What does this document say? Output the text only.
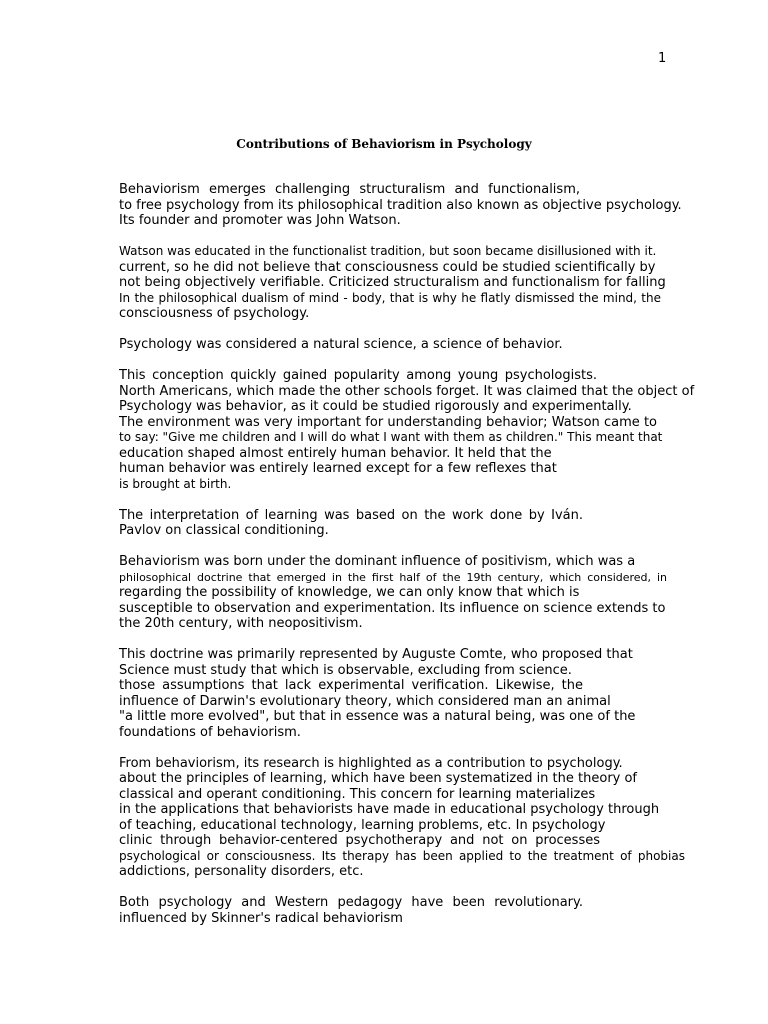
1
Contributions of Behaviorism in Psychology
Behaviorism emerges challenging structuralism and functionalism,
to free psychology from its philosophical tradition also known as objective psychology.
Its founder and promoter was John Watson.
Watson was educated in the functionalist tradition, but soon became disillusioned with it.
current, so he did not believe that consciousness could be studied scientifically by
not being objectively verifiable. Criticized structuralism and functionalism for falling
In the philosophical dualism of mind - body, that is why he flatly dismissed the mind, the
consciousness of psychology.
Psychology was considered a natural science, a science of behavior.
This conception quickly gained popularity among young psychologists.
North Americans, which made the other schools forget. It was claimed that the object of
Psychology was behavior, as it could be studied rigorously and experimentally.
The environment was very important for understanding behavior; Watson came to
to say: "Give me children and I will do what I want with them as children." This meant that
education shaped almost entirely human behavior. It held that the
human behavior was entirely learned except for a few reflexes that
is brought at birth.
The interpretation of learning was based on the work done by Iván.
Pavlov on classical conditioning.
Behaviorism was born under the dominant influence of positivism, which was a
philosophical doctrine that emerged in the first half of the 19th century, which considered, in
regarding the possibility of knowledge, we can only know that which is
susceptible to observation and experimentation. Its influence on science extends to
the 20th century, with neopositivism.
This doctrine was primarily represented by Auguste Comte, who proposed that
Science must study that which is observable, excluding from science.
those assumptions that lack experimental verification. Likewise, the
influence of Darwin's evolutionary theory, which considered man an animal
"a little more evolved", but that in essence was a natural being, was one of the
foundations of behaviorism.
From behaviorism, its research is highlighted as a contribution to psychology.
about the principles of learning, which have been systematized in the theory of
classical and operant conditioning. This concern for learning materializes
in the applications that behaviorists have made in educational psychology through
of teaching, educational technology, learning problems, etc. In psychology
clinic through behavior-centered psychotherapy and not on processes
psychological or consciousness. Its therapy has been applied to the treatment of phobias
addictions, personality disorders, etc.
Both psychology and Western pedagogy have been revolutionary.
influenced by Skinner's radical behaviorism
